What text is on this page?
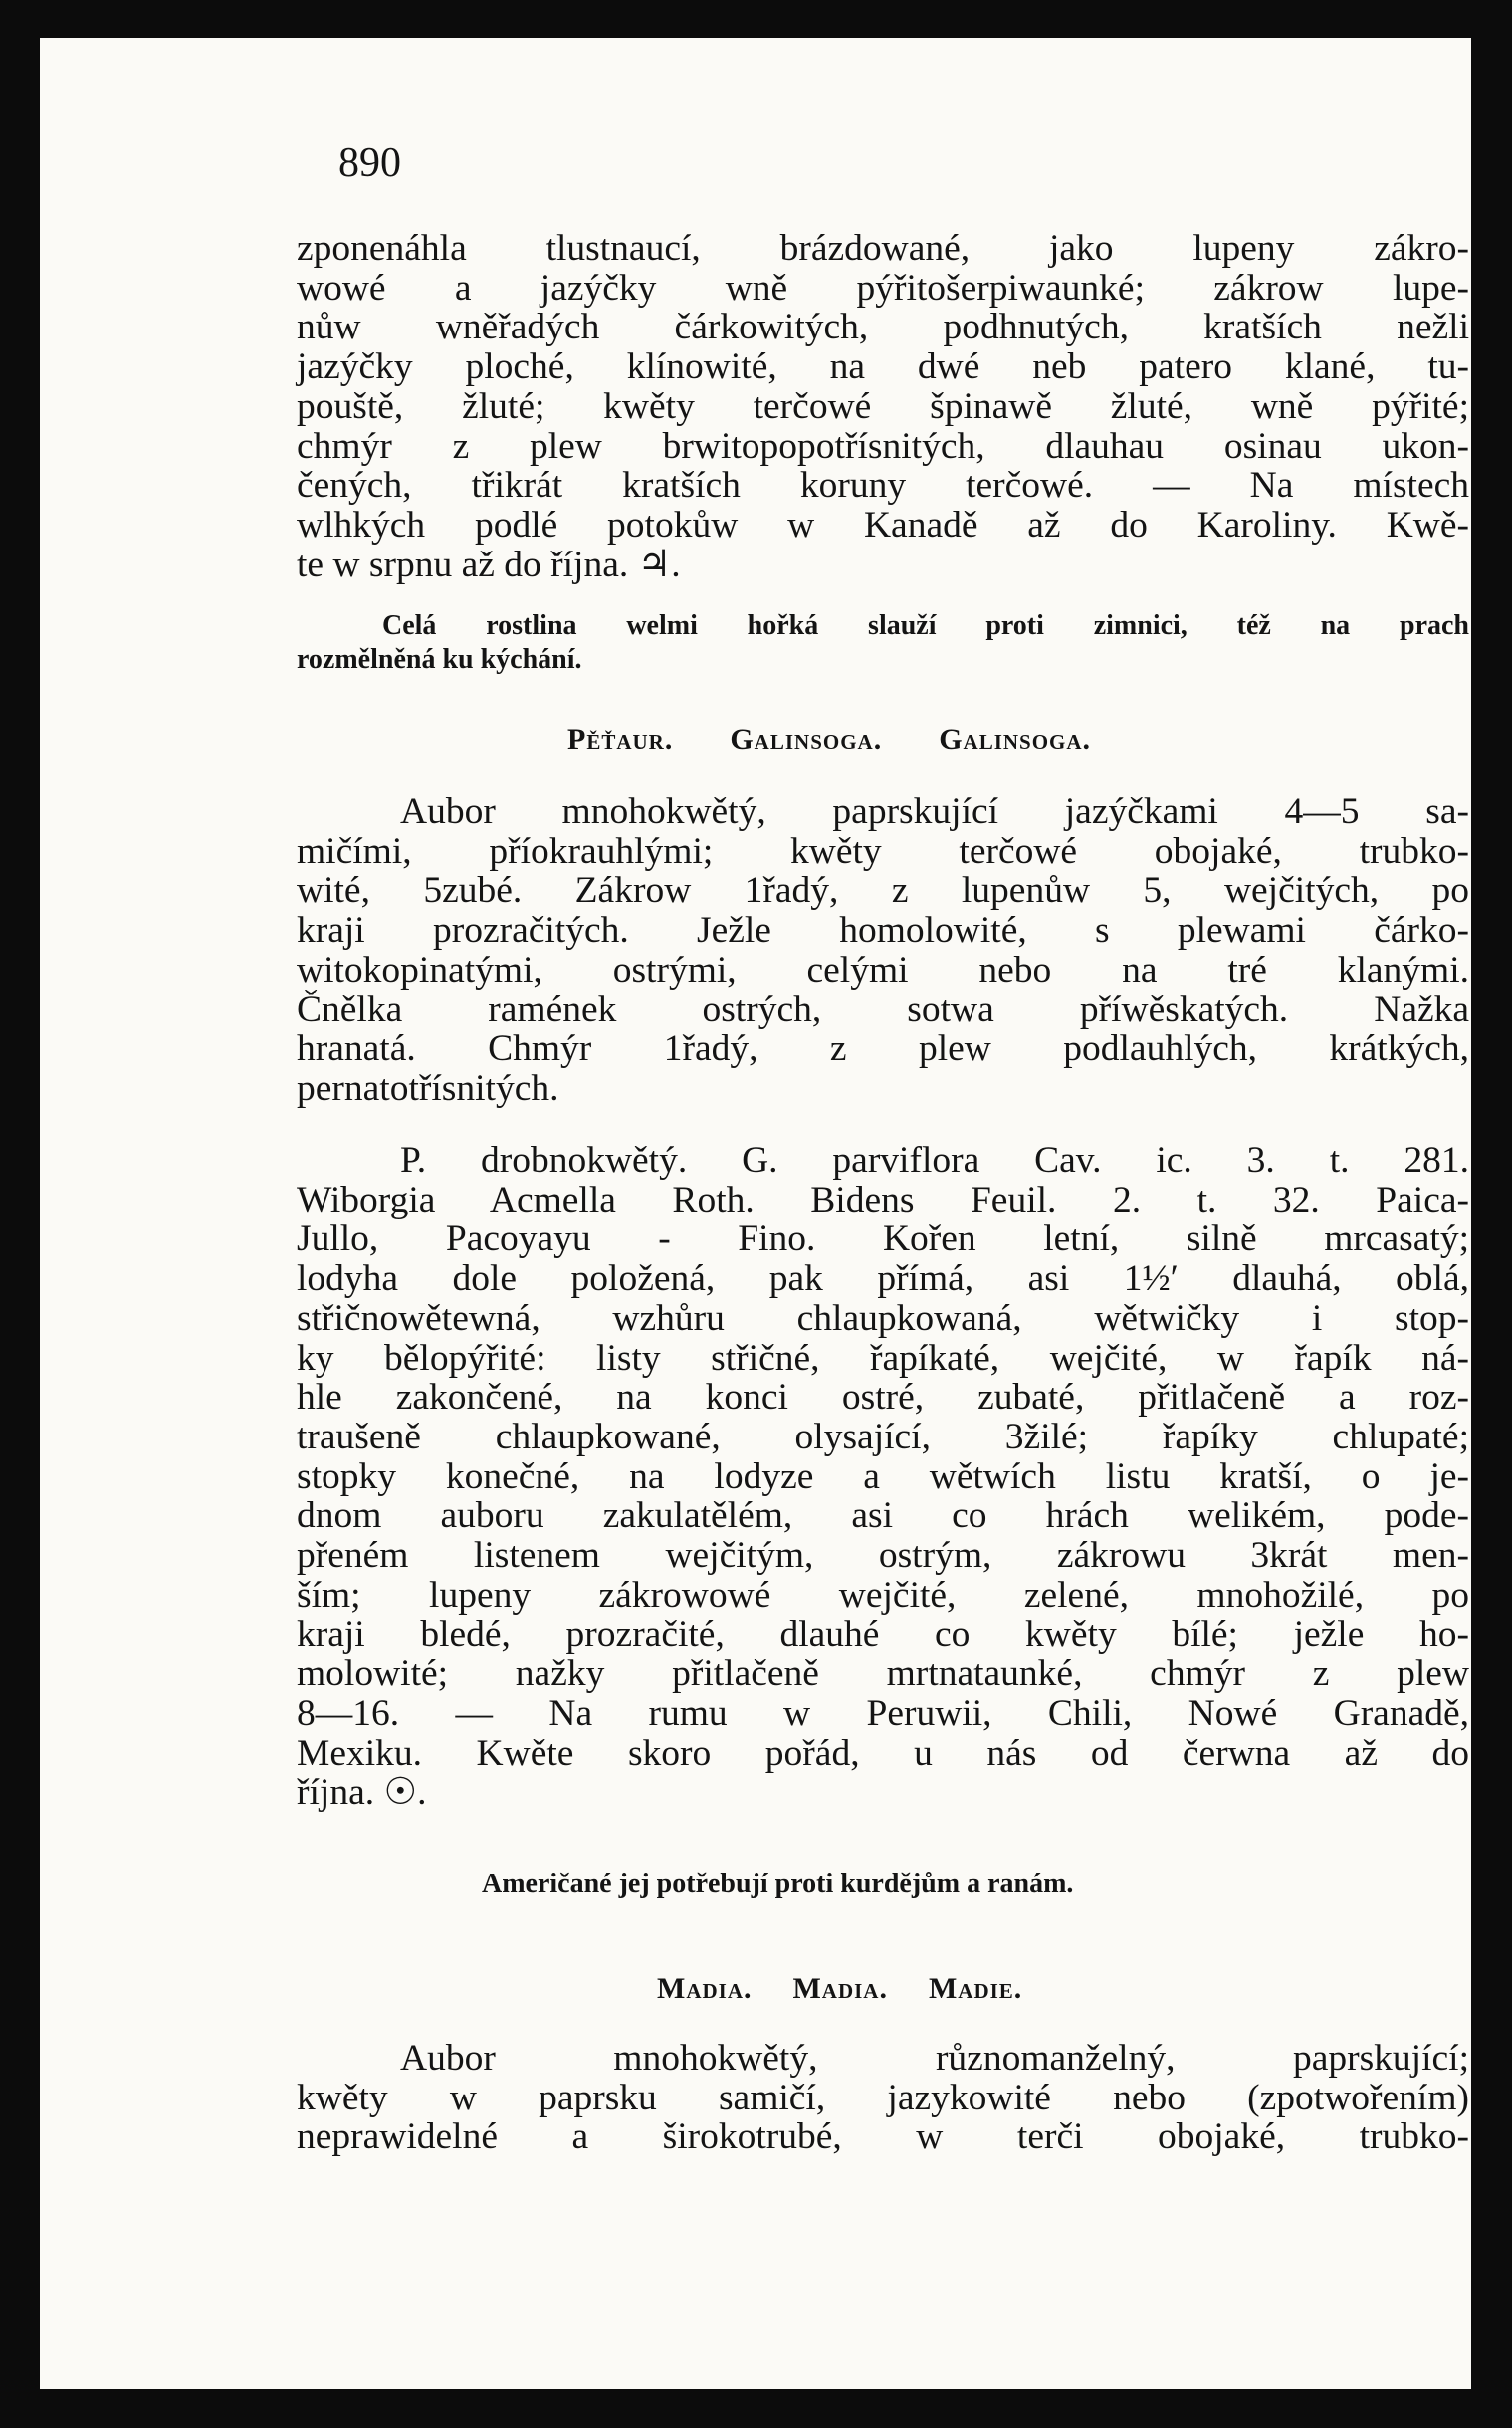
890
zponenáhla tlustnaucí, brázdowané, jako lupeny zákro-
wowé a jazýčky wně pýřitošerpiwaunké; zákrow lupe-
nůw wněřadých čárkowitých, podhnutých, kratších nežli
jazýčky ploché, klínowité, na dwé neb patero klané, tu-
pouště, žluté; kwěty terčowé špinawě žluté, wně pýřité;
chmýr z plew brwitopopotřísnitých, dlauhau osinau ukon-
čených, třikrát kratších koruny terčowé. — Na místech
wlhkých podlé potokůw w Kanadě až do Karoliny. Kwě-
te w srpnu až do října. ♃.
Celá rostlina welmi hořká slauží proti zimnici, též na prach
rozmělněná ku kýchání.
Pěťaur. Galinsoga. Galinsoga.
Aubor mnohokwětý, paprskující jazýčkami 4—5 sa-
mičími, příokrauhlými; kwěty terčowé obojaké, trubko-
wité, 5zubé. Zákrow 1řadý, z lupenůw 5, wejčitých, po
kraji prozračitých. Ježle homolowité, s plewami čárko-
witokopinatými, ostrými, celými nebo na tré klanými.
Čnělka ramének ostrých, sotwa příwěskatých. Nažka
hranatá. Chmýr 1řadý, z plew podlauhlých, krátkých,
pernatotřísnitých.
P. drobnokwětý. G. parviflora Cav. ic. 3. t. 281.
Wiborgia Acmella Roth. Bidens Feuil. 2. t. 32. Paica-
Jullo, Pacoyayu - Fino. Kořen letní, silně mrcasatý;
lodyha dole položená, pak přímá, asi 1½′ dlauhá, oblá,
střičnowětewná, wzhůru chlaupkowaná, wětwičky i stop-
ky bělopýřité: listy střičné, řapíkaté, wejčité, w řapík ná-
hle zakončené, na konci ostré, zubaté, přitlačeně a roz-
traušeně chlaupkowané, olysající, 3žilé; řapíky chlupaté;
stopky konečné, na lodyze a wětwích listu kratší, o je-
dnom auboru zakulatělém, asi co hrách welikém, pode-
přeném listenem wejčitým, ostrým, zákrowu 3krát men-
ším; lupeny zákrowowé wejčité, zelené, mnohožilé, po
kraji bledé, prozračité, dlauhé co kwěty bílé; ježle ho-
molowité; nažky přitlačeně mrtnataunké, chmýr z plew
8—16. — Na rumu w Peruwii, Chili, Nowé Granadě,
Mexiku. Kwěte skoro pořád, u nás od čerwna až do
října. ☉.
Američané jej potřebují proti kurdějům a ranám.
Madia. Madia. Madie.
Aubor mnohokwětý, různomanželný, paprskující;
kwěty w paprsku samičí, jazykowité nebo (zpotwořením)
neprawidelné a širokotrubé, w terči obojaké, trubko-
